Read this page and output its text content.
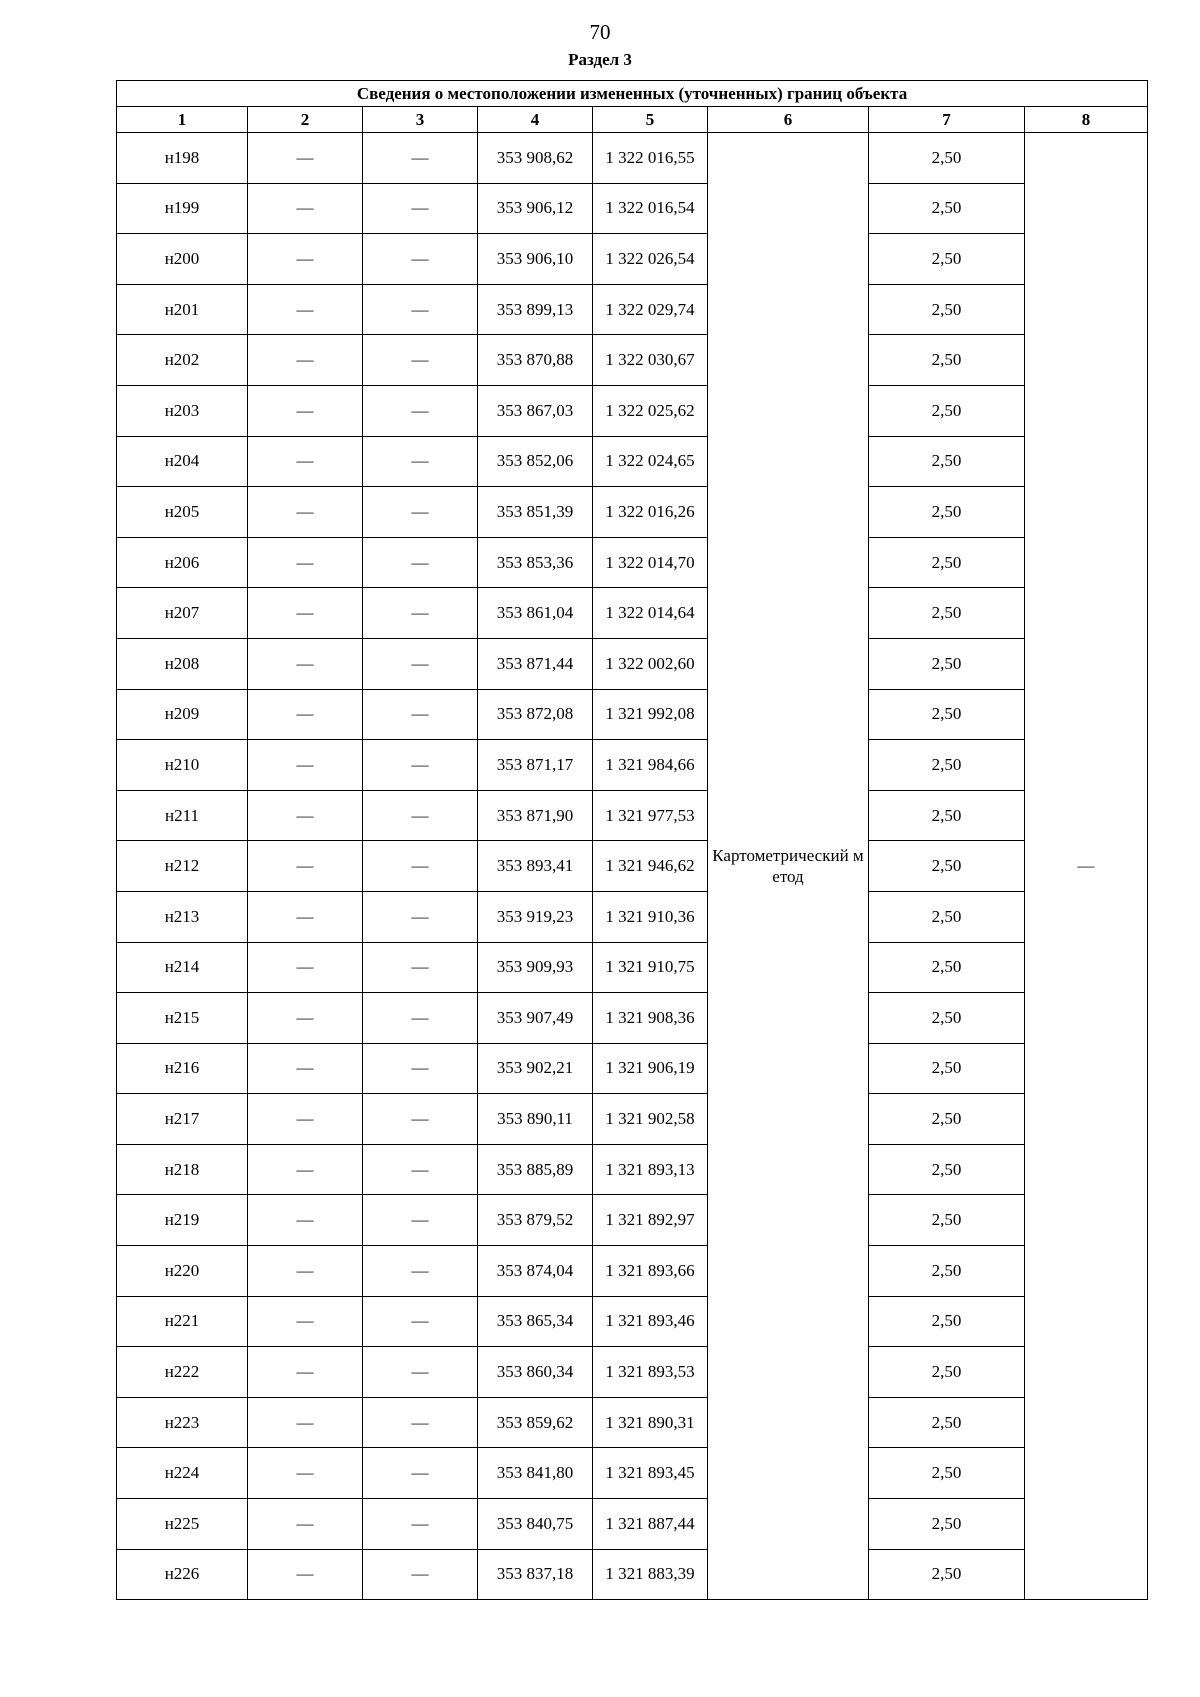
70
Раздел 3
Сведения о местоположении измененных (уточненных) границ объекта							
1	2	3	4	5	6	7	8
н198	—	—	353 908,62	1 322 016,55	Картометрический метод	2,50	—
н199	—	—	353 906,12	1 322 016,54		2,50	
н200	—	—	353 906,10	1 322 026,54		2,50	
н201	—	—	353 899,13	1 322 029,74		2,50	
н202	—	—	353 870,88	1 322 030,67		2,50	
н203	—	—	353 867,03	1 322 025,62		2,50	
н204	—	—	353 852,06	1 322 024,65		2,50	
н205	—	—	353 851,39	1 322 016,26		2,50	
н206	—	—	353 853,36	1 322 014,70		2,50	
н207	—	—	353 861,04	1 322 014,64		2,50	
н208	—	—	353 871,44	1 322 002,60		2,50	
н209	—	—	353 872,08	1 321 992,08		2,50	
н210	—	—	353 871,17	1 321 984,66		2,50	
н211	—	—	353 871,90	1 321 977,53		2,50	
н212	—	—	353 893,41	1 321 946,62		2,50	
н213	—	—	353 919,23	1 321 910,36		2,50	
н214	—	—	353 909,93	1 321 910,75		2,50	
н215	—	—	353 907,49	1 321 908,36		2,50	
н216	—	—	353 902,21	1 321 906,19		2,50	
н217	—	—	353 890,11	1 321 902,58		2,50	
н218	—	—	353 885,89	1 321 893,13		2,50	
н219	—	—	353 879,52	1 321 892,97		2,50	
н220	—	—	353 874,04	1 321 893,66		2,50	
н221	—	—	353 865,34	1 321 893,46		2,50	
н222	—	—	353 860,34	1 321 893,53		2,50	
н223	—	—	353 859,62	1 321 890,31		2,50	
н224	—	—	353 841,80	1 321 893,45		2,50	
н225	—	—	353 840,75	1 321 887,44		2,50	
н226	—	—	353 837,18	1 321 883,39		2,50	
